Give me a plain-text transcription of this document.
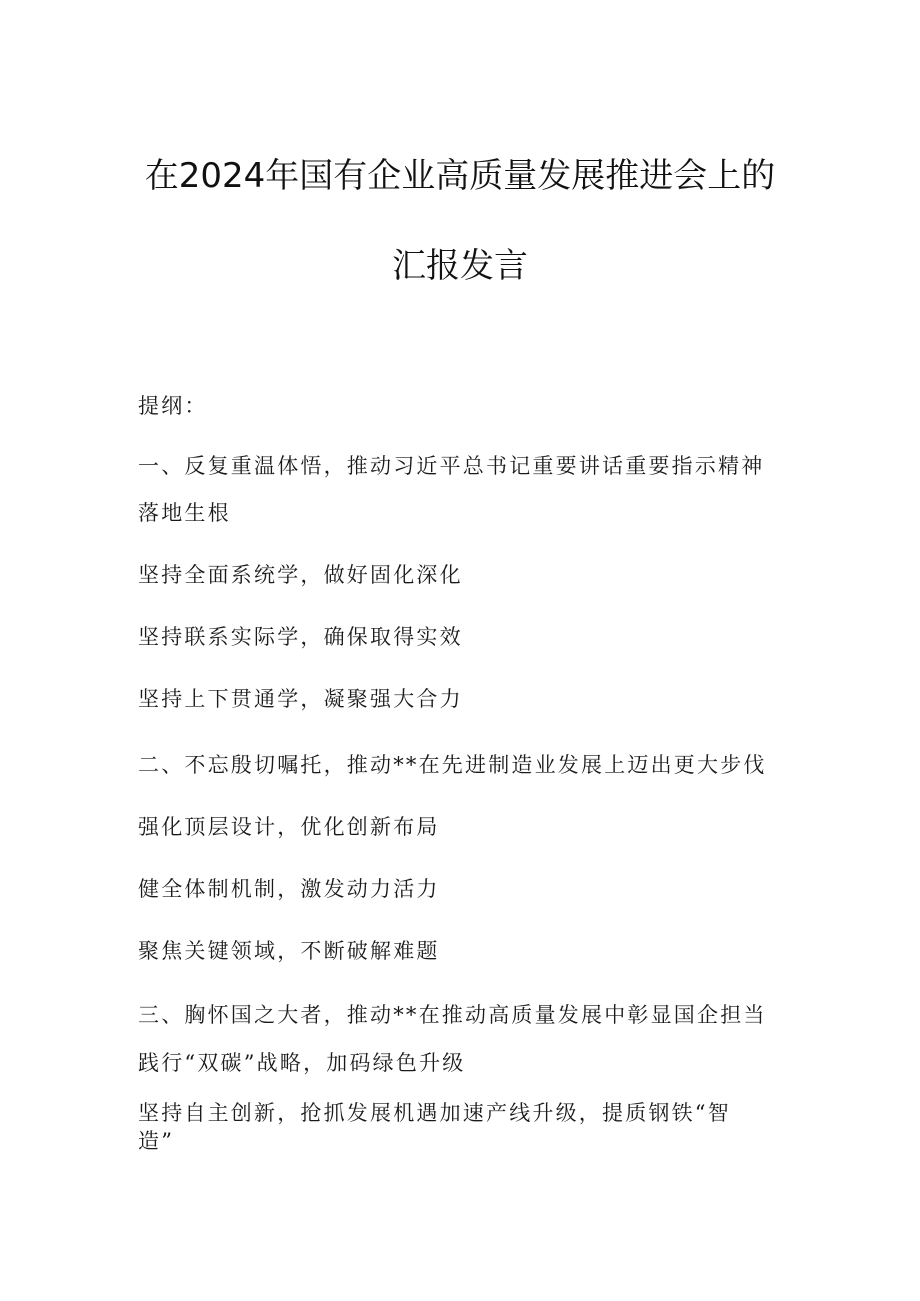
在2024年国有企业高质量发展推进会上的
汇报发言

提纲：

一、反复重温体悟，推动习近平总书记重要讲话重要指示精神

落地生根

坚持全面系统学，做好固化深化

坚持联系实际学，确保取得实效

坚持上下贯通学，凝聚强大合力

二、不忘殷切嘱托，推动**在先进制造业发展上迈出更大步伐

强化顶层设计，优化创新布局

健全体制机制，激发动力活力

聚焦关键领域，不断破解难题

三、胸怀国之大者，推动**在推动高质量发展中彰显国企担当

践行“双碳”战略，加码绿色升级

坚持自主创新，抢抓发展机遇加速产线升级，提质钢铁“智

造”
